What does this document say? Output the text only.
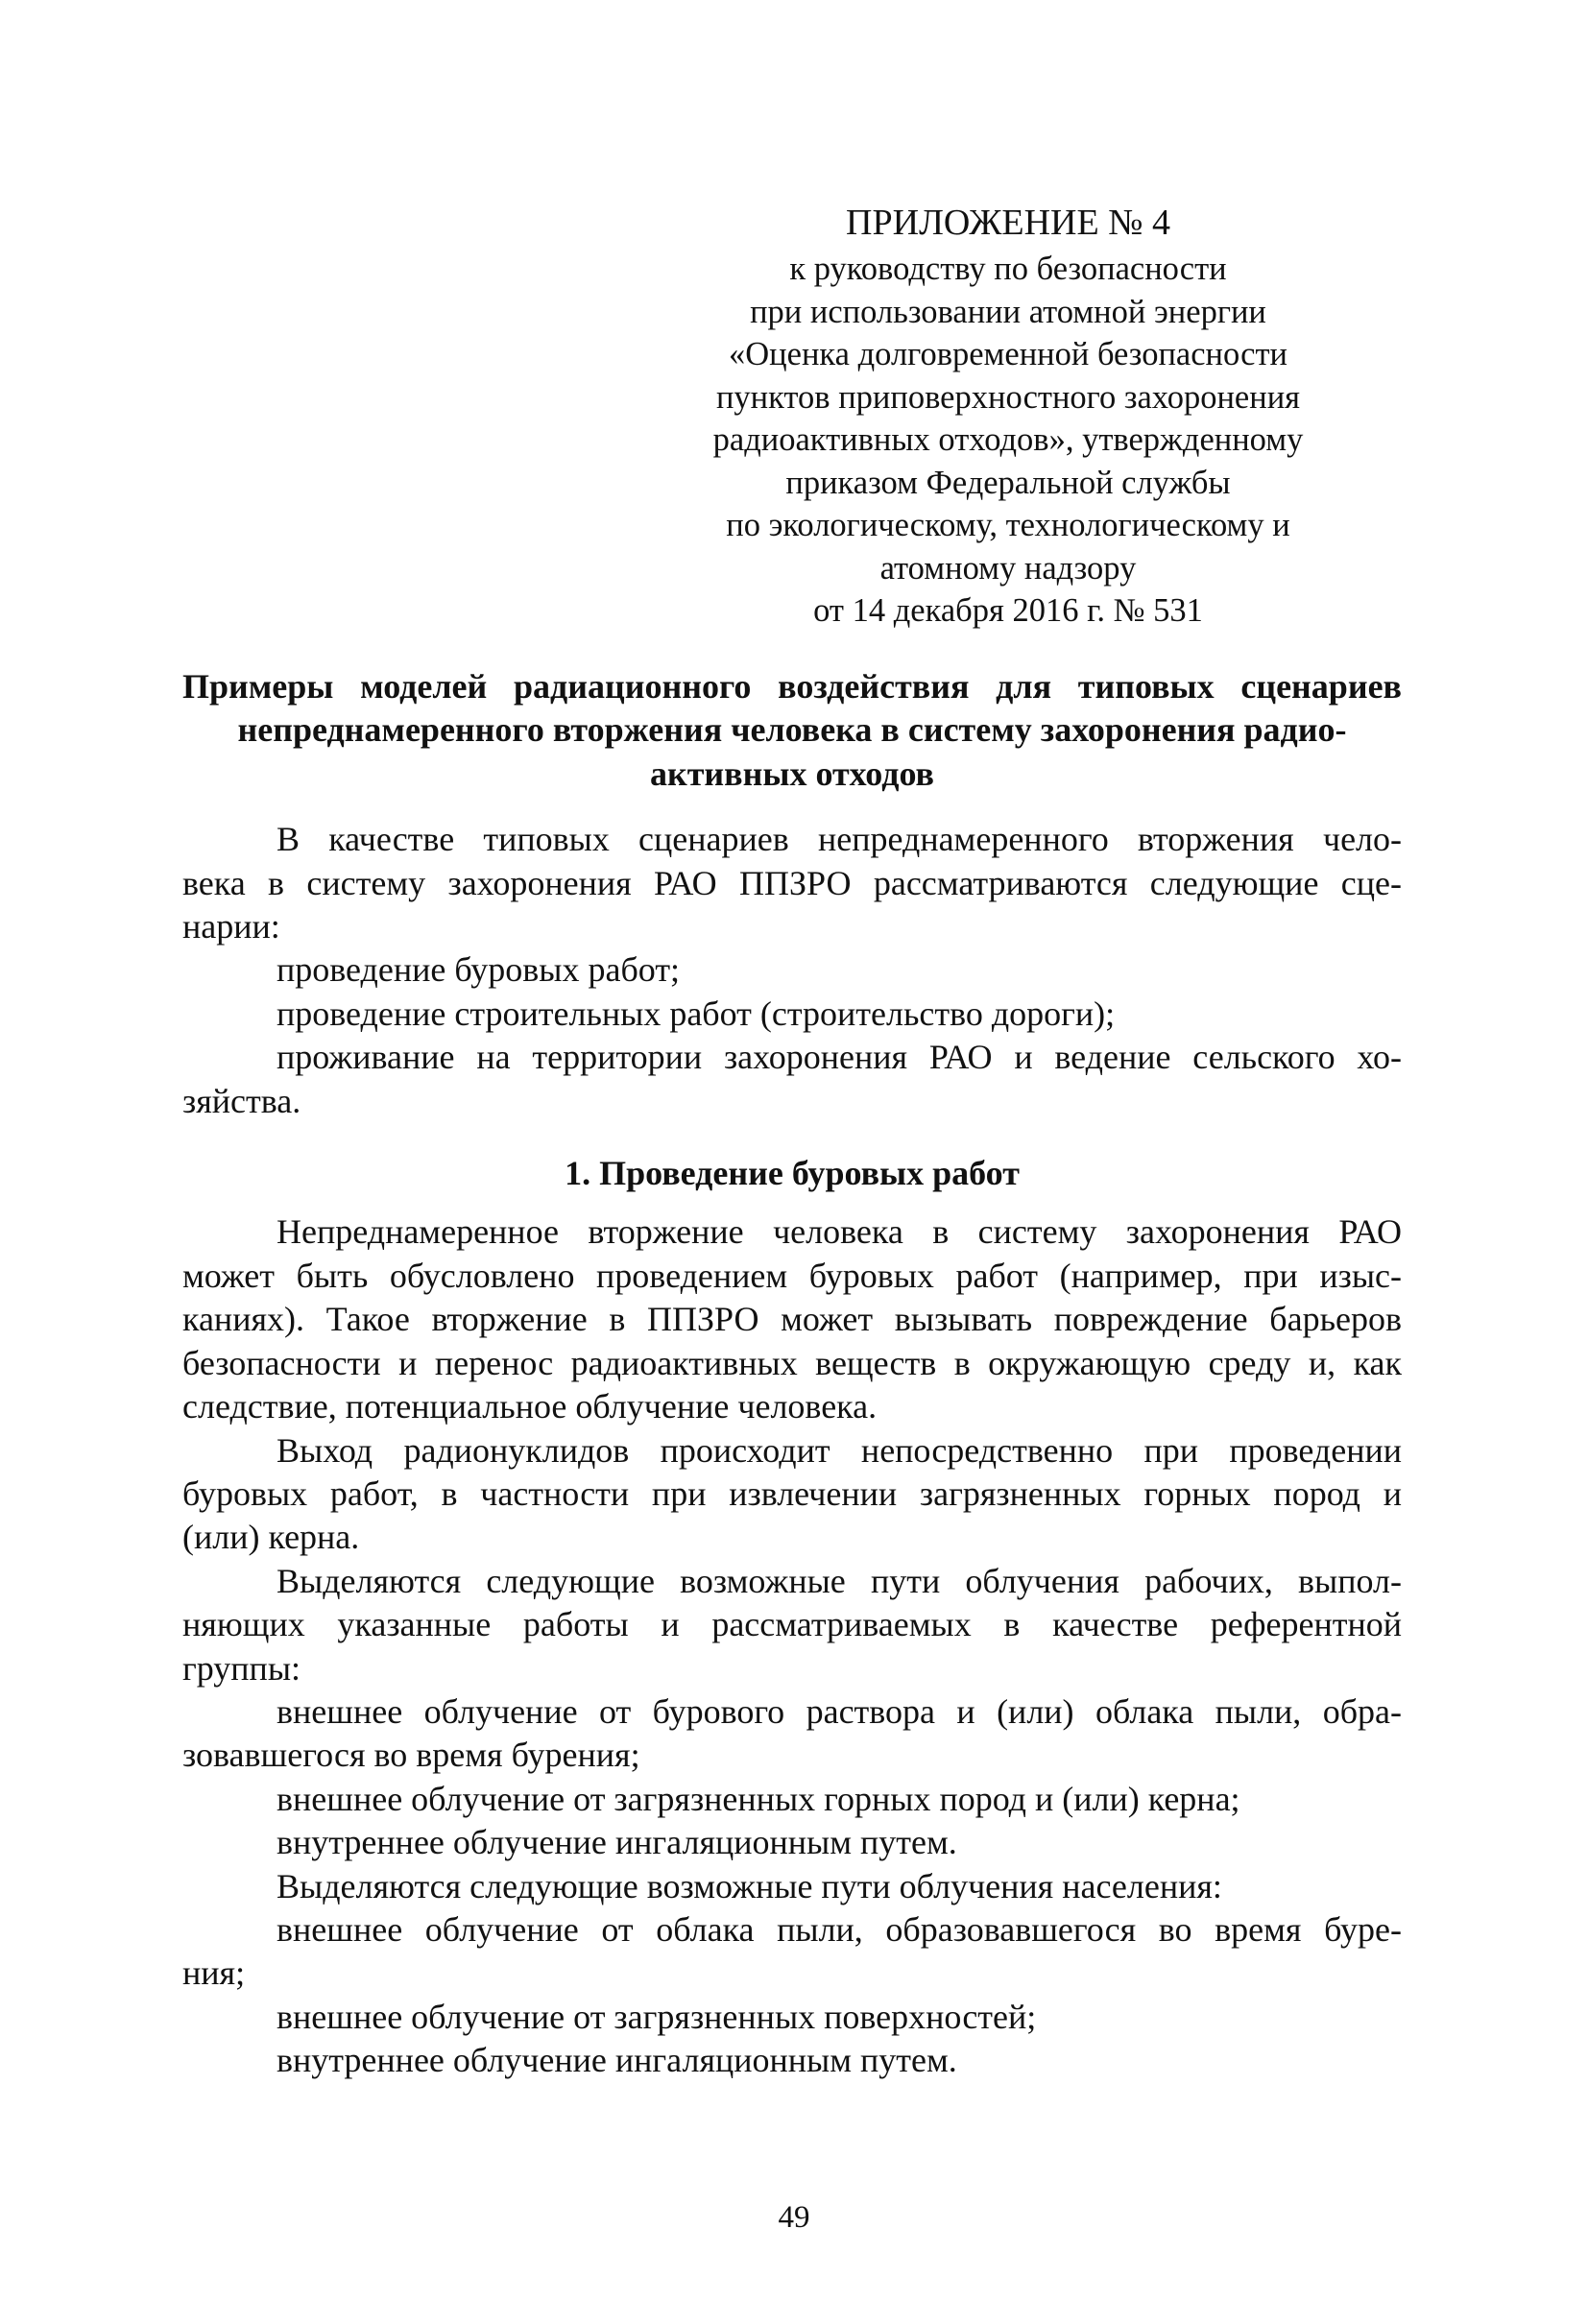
ПРИЛОЖЕНИЕ № 4
к руководству по безопасности
при использовании атомной энергии
«Оценка долговременной безопасности
пунктов приповерхностного захоронения
радиоактивных отходов», утвержденному
приказом Федеральной службы
по экологическому, технологическому и
атомному надзору
от 14 декабря 2016 г. № 531
Примеры моделей радиационного воздействия для типовых сценариев
непреднамеренного вторжения человека в систему захоронения радио-
активных отходов
В качестве типовых сценариев непреднамеренного вторжения чело-
века в систему захоронения РАО ППЗРО рассматриваются следующие сце-
нарии:
проведение буровых работ;
проведение строительных работ (строительство дороги);
проживание на территории захоронения РАО и ведение сельского хо-
зяйства.
1. Проведение буровых работ
Непреднамеренное вторжение человека в систему захоронения РАО
может быть обусловлено проведением буровых работ (например, при изыс-
каниях). Такое вторжение в ППЗРО может вызывать повреждение барьеров
безопасности и перенос радиоактивных веществ в окружающую среду и, как
следствие, потенциальное облучение человека.
Выход радионуклидов происходит непосредственно при проведении
буровых работ, в частности при извлечении загрязненных горных пород и
(или) керна.
Выделяются следующие возможные пути облучения рабочих, выпол-
няющих указанные работы и рассматриваемых в качестве референтной
группы:
внешнее облучение от бурового раствора и (или) облака пыли, обра-
зовавшегося во время бурения;
внешнее облучение от загрязненных горных пород и (или) керна;
внутреннее облучение ингаляционным путем.
Выделяются следующие возможные пути облучения населения:
внешнее облучение от облака пыли, образовавшегося во время буре-
ния;
внешнее облучение от загрязненных поверхностей;
внутреннее облучение ингаляционным путем.
49
